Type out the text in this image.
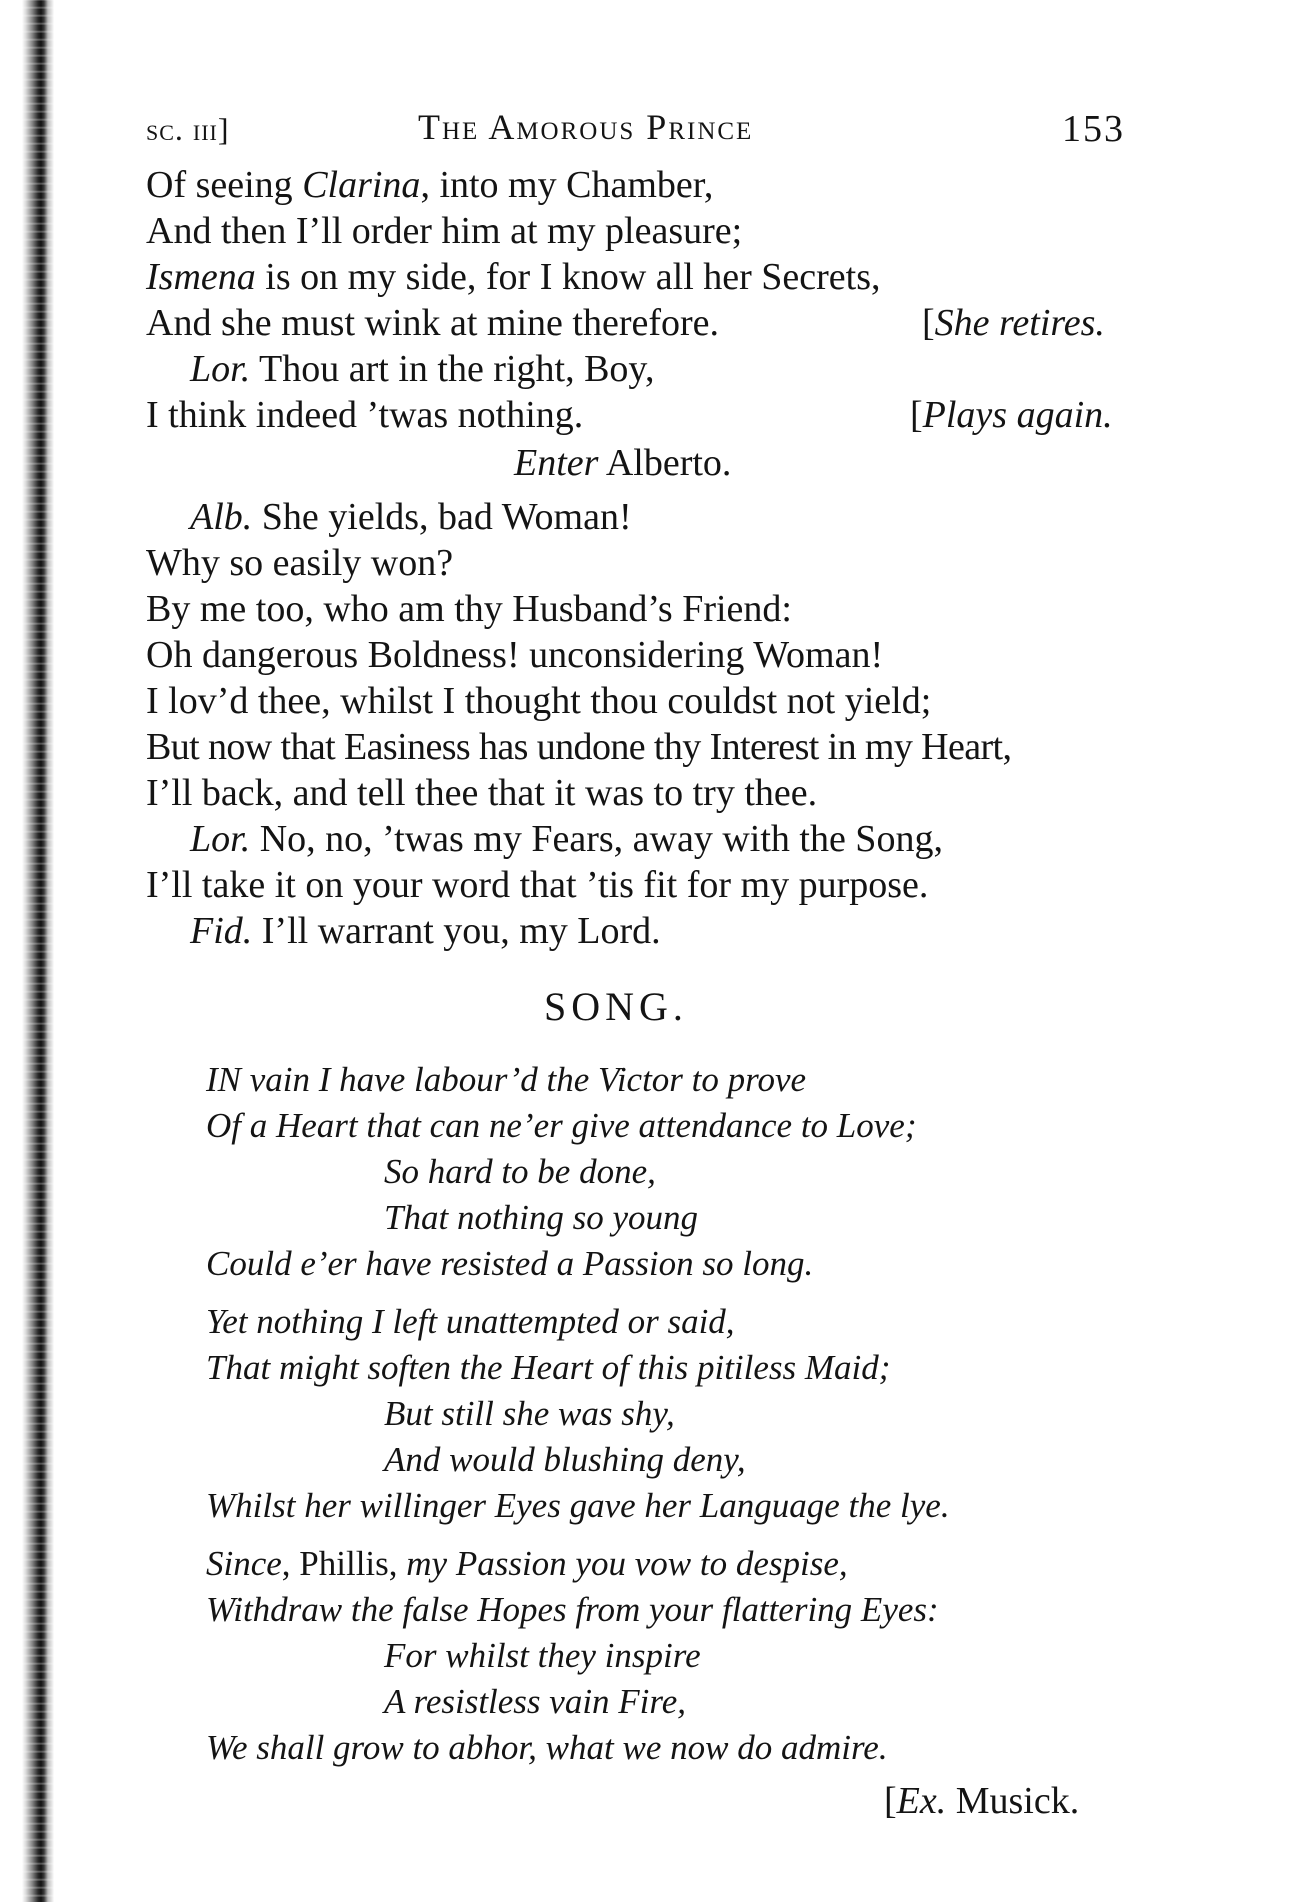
sc. iii]	The Amorous Prince	153
Of seeing Clarina, into my Chamber,
And then I’ll order him at my pleasure;
Ismena is on my side, for I know all her Secrets,
And she must wink at mine therefore.	[She retires.
Lor. Thou art in the right, Boy,
I think indeed ’twas nothing.	[Plays again.
Enter Alberto.
Alb. She yields, bad Woman!
Why so easily won?
By me too, who am thy Husband’s Friend:
Oh dangerous Boldness! unconsidering Woman!
I lov’d thee, whilst I thought thou couldst not yield;
But now that Easiness has undone thy Interest in my Heart,
I’ll back, and tell thee that it was to try thee.
Lor. No, no, ’twas my Fears, away with the Song,
I’ll take it on your word that ’tis fit for my purpose.
Fid. I’ll warrant you, my Lord.
SONG.
IN vain I have labour’d the Victor to prove
Of a Heart that can ne’er give attendance to Love;
So hard to be done,
That nothing so young
Could e’er have resisted a Passion so long.
Yet nothing I left unattempted or said,
That might soften the Heart of this pitiless Maid;
But still she was shy,
And would blushing deny,
Whilst her willinger Eyes gave her Language the lye.
Since, Phillis, my Passion you vow to despise,
Withdraw the false Hopes from your flattering Eyes:
For whilst they inspire
A resistless vain Fire,
We shall grow to abhor, what we now do admire.
[Ex. Musick.
